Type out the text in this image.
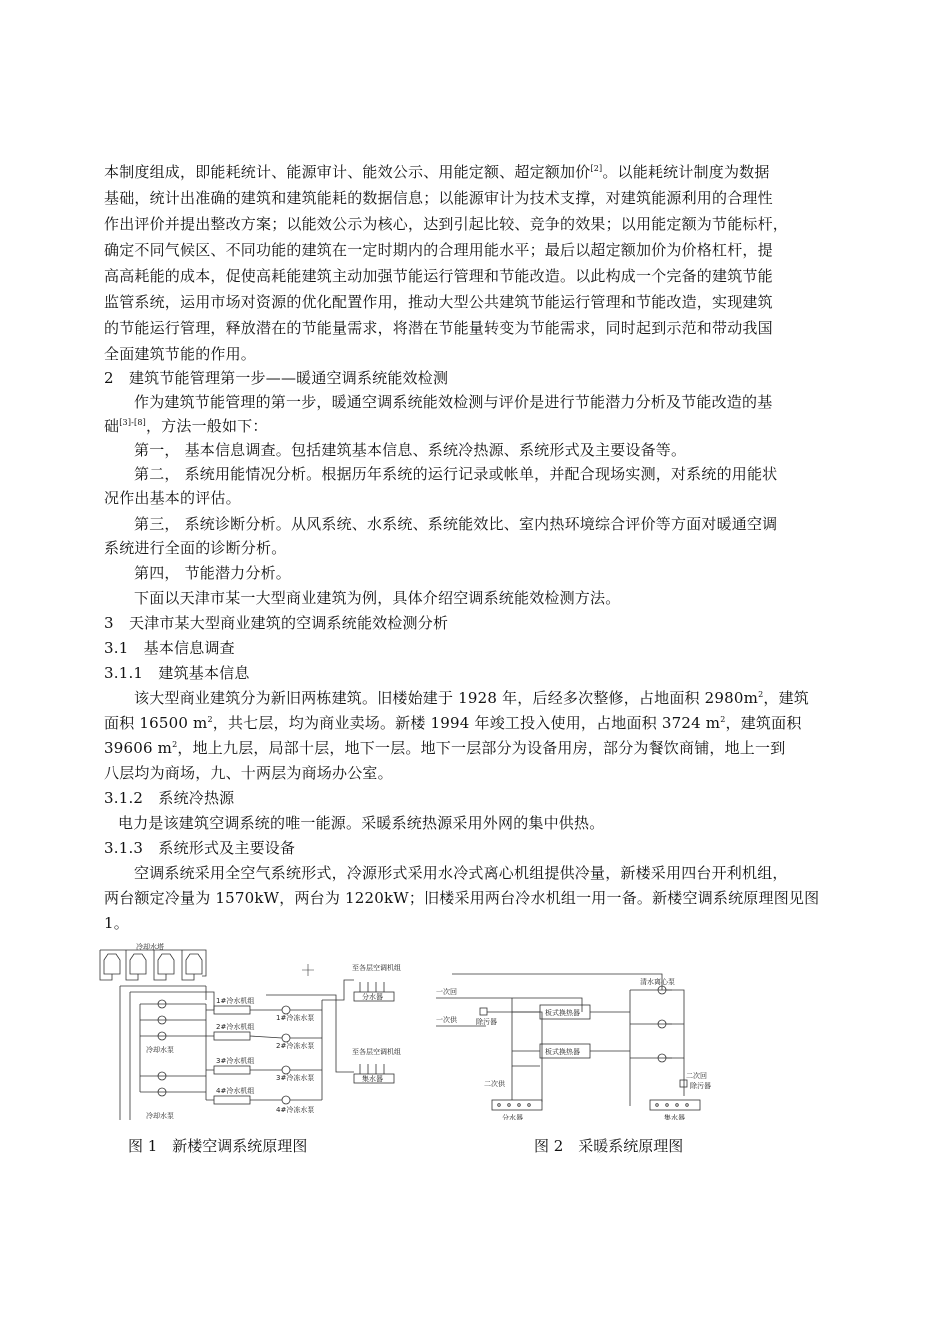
本制度组成，即能耗统计、能源审计、能效公示、用能定额、超定额加价[2]。以能耗统计制度为数据
基础，统计出准确的建筑和建筑能耗的数据信息；以能源审计为技术支撑，对建筑能源利用的合理性
作出评价并提出整改方案；以能效公示为核心，达到引起比较、竞争的效果；以用能定额为节能标杆，
确定不同气候区、不同功能的建筑在一定时期内的合理用能水平；最后以超定额加价为价格杠杆，提
高高耗能的成本，促使高耗能建筑主动加强节能运行管理和节能改造。以此构成一个完备的建筑节能
监管系统，运用市场对资源的优化配置作用，推动大型公共建筑节能运行管理和节能改造，实现建筑
的节能运行管理，释放潜在的节能量需求，将潜在节能量转变为节能需求，同时起到示范和带动我国
全面建筑节能的作用。
2　建筑节能管理第一步——暖通空调系统能效检测
作为建筑节能管理的第一步，暖通空调系统能效检测与评价是进行节能潜力分析及节能改造的基
础[3]-[8]，方法一般如下：
第一， 基本信息调查。包括建筑基本信息、系统冷热源、系统形式及主要设备等。
第二， 系统用能情况分析。根据历年系统的运行记录或帐单，并配合现场实测，对系统的用能状
况作出基本的评估。
第三， 系统诊断分析。从风系统、水系统、系统能效比、室内热环境综合评价等方面对暖通空调
系统进行全面的诊断分析。
第四， 节能潜力分析。
下面以天津市某一大型商业建筑为例，具体介绍空调系统能效检测方法。
3　天津市某大型商业建筑的空调系统能效检测分析
3.1　基本信息调查
3.1.1　建筑基本信息
该大型商业建筑分为新旧两栋建筑。旧楼始建于 1928 年，后经多次整修，占地面积 $2980m^2$，建筑
面积 16500 $m^2$，共七层，均为商业卖场。新楼 1994 年竣工投入使用，占地面积 3724 $m^2$，建筑面积
39606 $m^2$，地上九层，局部十层，地下一层。地下一层部分为设备用房，部分为餐饮商铺，地上一到
八层均为商场，九、十两层为商场办公室。
3.1.2　系统冷热源
电力是该建筑空调系统的唯一能源。采暖系统热源采用外网的集中供热。
3.1.3　系统形式及主要设备
空调系统采用全空气系统形式，冷源形式采用水冷式离心机组提供冷量，新楼采用四台开利机组，
两台额定冷量为 1570kW，两台为 1220kW；旧楼采用两台冷水机组一用一备。新楼空调系统原理图见图
1。
冷却水塔
冷却水泵
冷却水泵
1#冷水机组
2#冷水机组
3#冷水机组
4#冷水机组
1#冷冻水泵
2#冷冻水泵
3#冷冻水泵
4#冷冻水泵
分水器
集水器
至各层空调机组
至各层空调机组
图 1　新楼空调系统原理图
一次回
一次供	除污器
板式换热器
板式换热器
清水离心泵
二次回
除污器
二次供
分水器	集水器
图 2　采暖系统原理图
